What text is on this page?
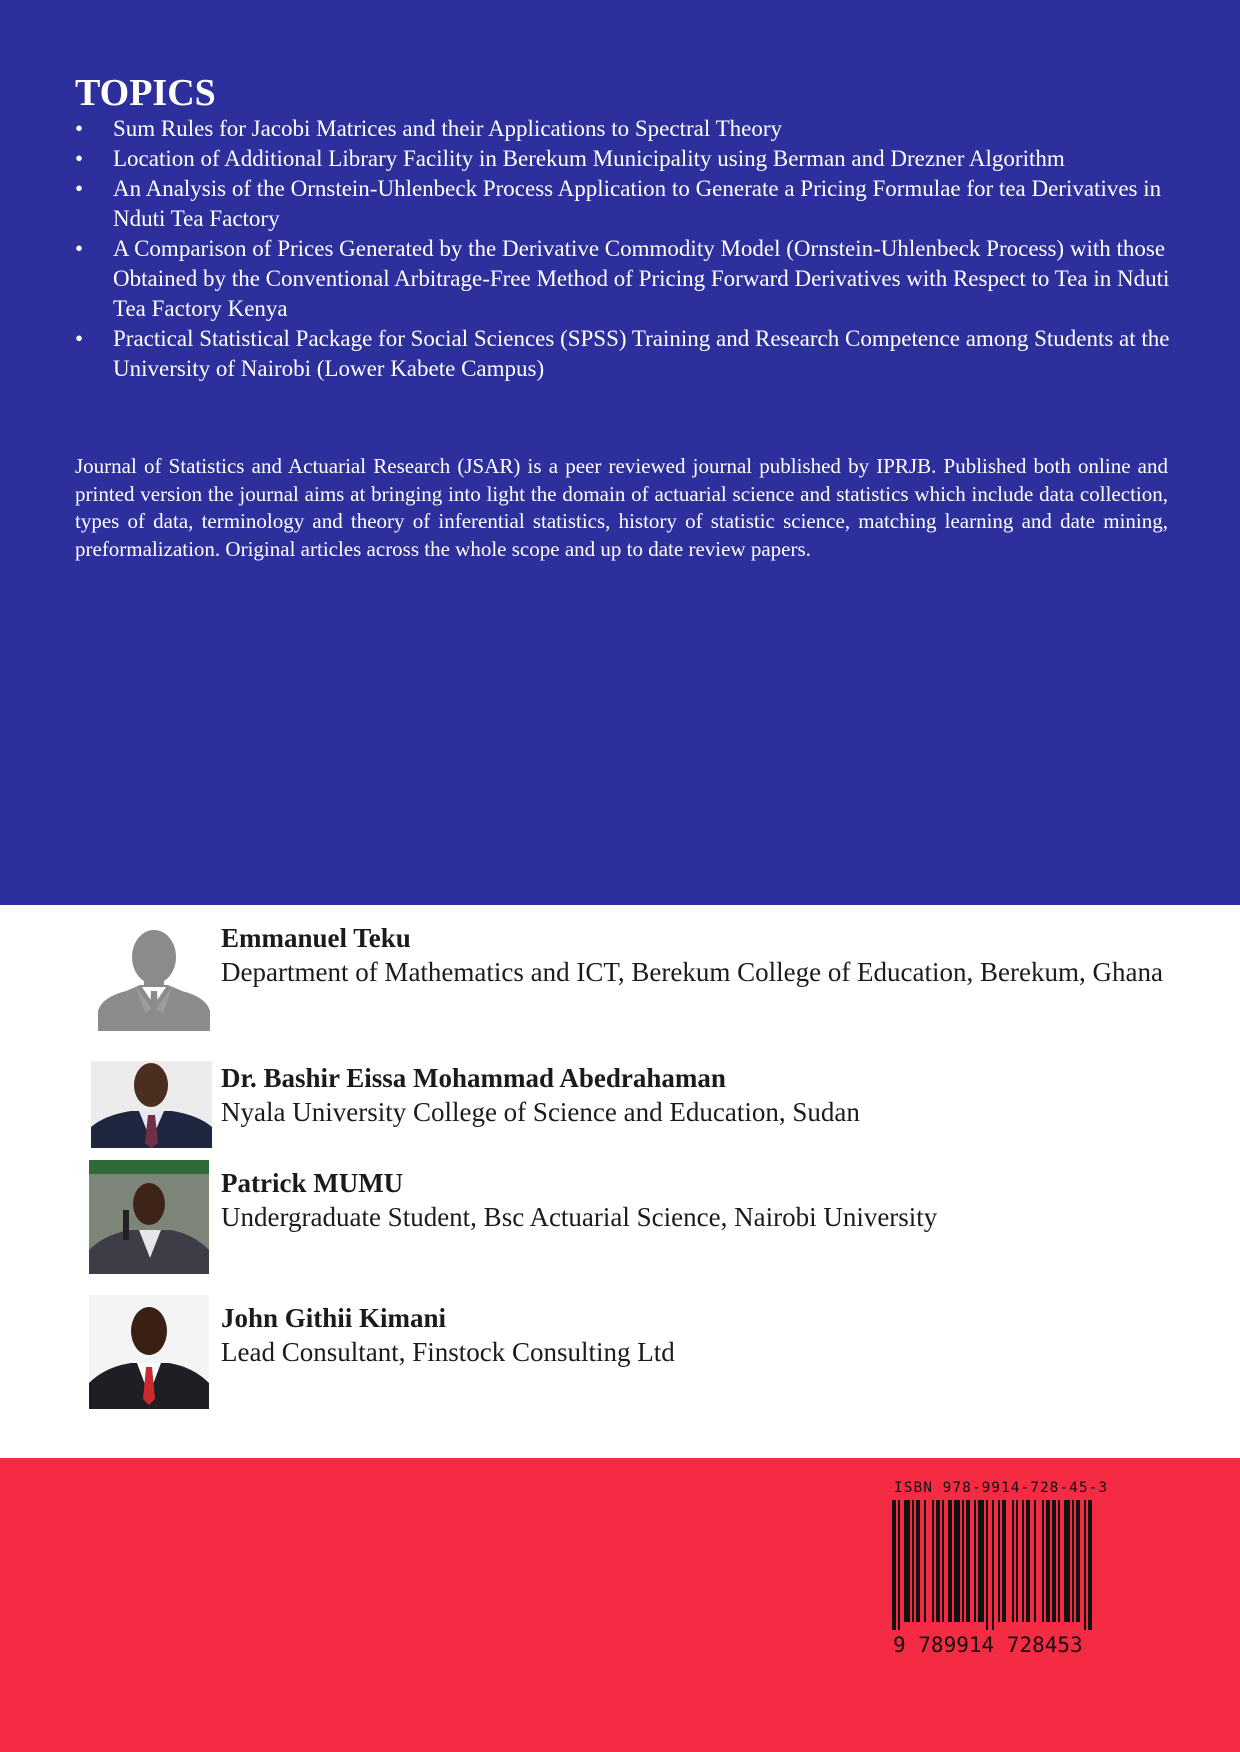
TOPICS
•	Sum Rules for Jacobi Matrices and their Applications to Spectral Theory
•	Location of Additional Library Facility in Berekum Municipality using Berman and Drezner Algorithm
•	An Analysis of the Ornstein-Uhlenbeck Process Application to Generate a Pricing Formulae for tea Derivatives in Nduti Tea Factory
•	A Comparison of Prices Generated by the Derivative Commodity Model (Ornstein-Uhlenbeck Process) with those Obtained by the Conventional Arbitrage-Free Method of Pricing Forward Derivatives with Respect to Tea in Nduti Tea Factory Kenya
•	Practical Statistical Package for Social Sciences (SPSS) Training and Research Competence among Students at the University of Nairobi (Lower Kabete Campus)

Journal of Statistics and Actuarial Research (JSAR) is a peer reviewed journal published by IPRJB. Published both online and printed version the journal aims at bringing into light the domain of actuarial science and statistics which include data collection, types of data, terminology and theory of inferential statistics, history of statistic science, matching learning and date mining, preformalization. Original articles across the whole scope and up to date review papers.

Emmanuel Teku

Department of Mathematics and ICT, Berekum College of Education, Berekum, Ghana

Dr. Bashir Eissa Mohammad Abedrahaman

Nyala University College of Science and Education, Sudan

Patrick MUMU

Undergraduate Student, Bsc Actuarial Science, Nairobi University

John Githii Kimani

Lead Consultant, Finstock Consulting Ltd

ISBN 978-9914-728-45-3

9 789914 728453
